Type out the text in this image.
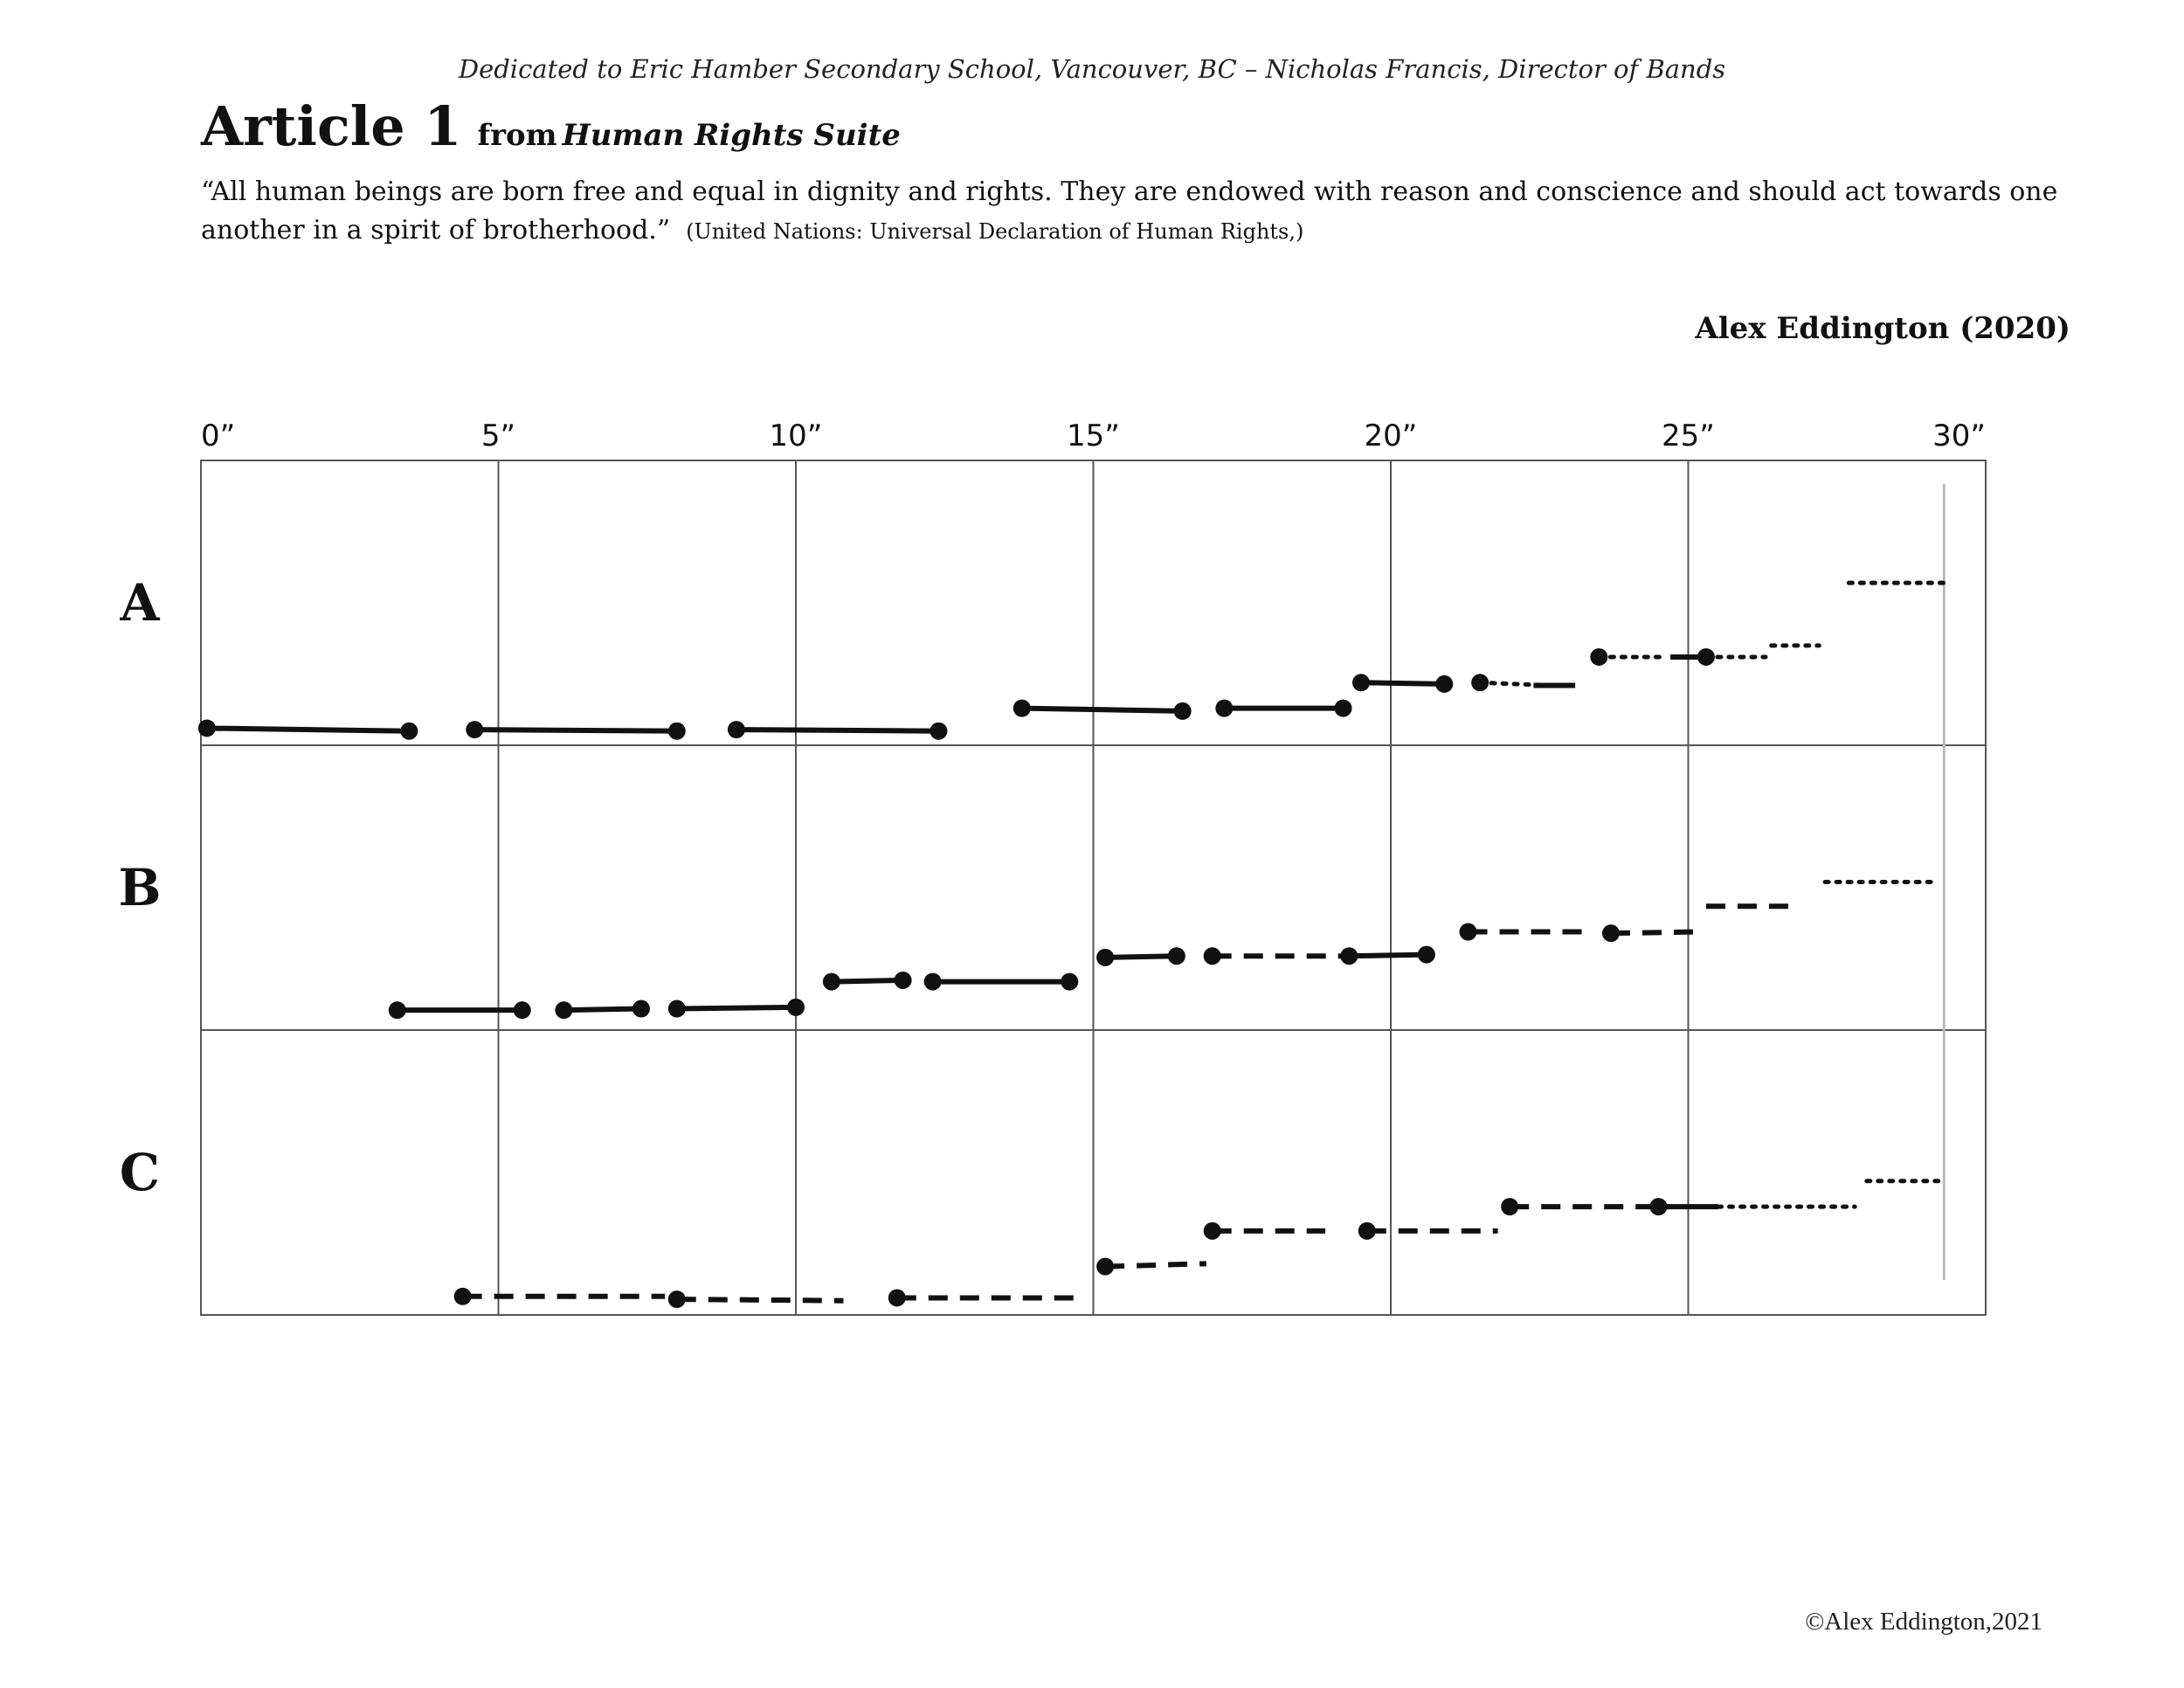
Dedicated to Eric Hamber Secondary School, Vancouver, BC – Nicholas Francis, Director of Bands
Article 1 from Human Rights Suite
“All human beings are born free and equal in dignity and rights. They are endowed with reason and conscience and should act towards one another in a spirit of brotherhood.” (United Nations: Universal Declaration of Human Rights,)
Alex Eddington (2020)
0”	5”	10”	15”	20”	25”	30”
A
B
C
©Alex Eddington,2021
